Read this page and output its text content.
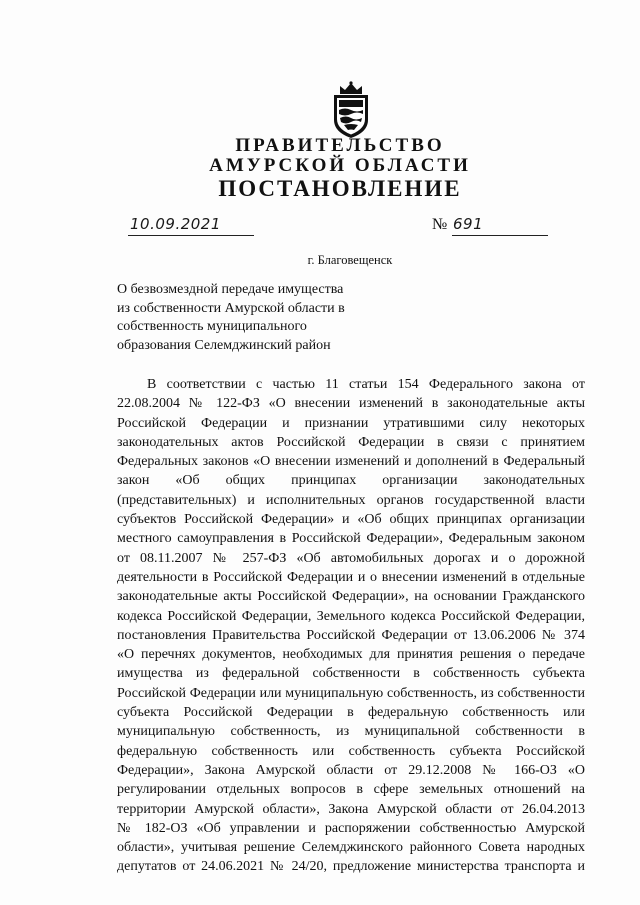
ПРАВИТЕЛЬСТВО
АМУРСКОЙ ОБЛАСТИ
ПОСТАНОВЛЕНИЕ
10.09.2021	№ 691
г. Благовещенск
О безвозмездной передаче имущества
из собственности Амурской области в
собственность муниципального
образования Селемджинский район
В соответствии с частью 11 статьи 154 Федерального закона от
22.08.2004 № 122-ФЗ «О внесении изменений в законодательные акты
Российской Федерации и признании утратившими силу некоторых
законодательных актов Российской Федерации в связи с принятием
Федеральных законов «О внесении изменений и дополнений в Федеральный
закон «Об общих принципах организации законодательных
(представительных) и исполнительных органов государственной власти
субъектов Российской Федерации» и «Об общих принципах организации
местного самоуправления в Российской Федерации», Федеральным законом
от 08.11.2007 № 257-ФЗ «Об автомобильных дорогах и о дорожной
деятельности в Российской Федерации и о внесении изменений в отдельные
законодательные акты Российской Федерации», на основании Гражданского
кодекса Российской Федерации, Земельного кодекса Российской Федерации,
постановления Правительства Российской Федерации от 13.06.2006 № 374
«О перечнях документов, необходимых для принятия решения о передаче
имущества из федеральной собственности в собственность субъекта
Российской Федерации или муниципальную собственность, из собственности
субъекта Российской Федерации в федеральную собственность или
муниципальную собственность, из муниципальной собственности в
федеральную собственность или собственность субъекта Российской
Федерации», Закона Амурской области от 29.12.2008 № 166-ОЗ «О
регулировании отдельных вопросов в сфере земельных отношений на
территории Амурской области», Закона Амурской области от 26.04.2013
№ 182-ОЗ «Об управлении и распоряжении собственностью Амурской
области», учитывая решение Селемджинского районного Совета народных
депутатов от 24.06.2021 № 24/20, предложение министерства транспорта и
